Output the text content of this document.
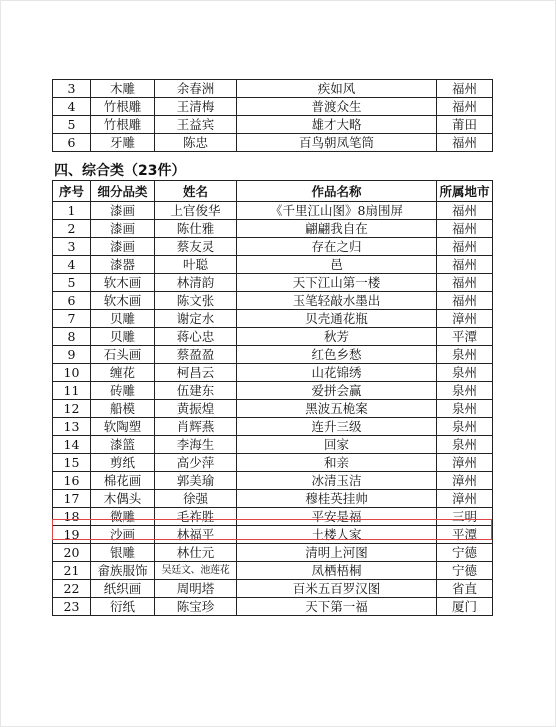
3	木雕	余春洲	疾如风	福州
4	竹根雕	王清梅	普渡众生	福州
5	竹根雕	王益宾	雄才大略	莆田
6	牙雕	陈忠	百鸟朝凤笔筒	福州
四、综合类（23件）
序号	细分品类	姓名	作品名称	所属地市
1	漆画	上官俊华	《千里江山图》8扇围屏	福州
2	漆画	陈仕雅	翩翩我自在	福州
3	漆画	蔡友灵	存在之归	福州
4	漆器	叶聪	邑	福州
5	软木画	林清韵	天下江山第一楼	福州
6	软木画	陈文张	玉笔轻敲水墨出	福州
7	贝雕	谢定水	贝壳通花瓶	漳州
8	贝雕	蒋心忠	秋芳	平潭
9	石头画	蔡盈盈	红色乡愁	泉州
10	缠花	柯昌云	山花锦绣	泉州
11	砖雕	伍建东	爱拼会赢	泉州
12	船模	黄振煌	黑波五桅案	泉州
13	软陶塑	肖辉燕	连升三级	泉州
14	漆篮	李海生	回家	泉州
15	剪纸	高少萍	和亲	漳州
16	棉花画	郭美瑜	冰清玉洁	漳州
17	木偶头	徐强	穆桂英挂帅	漳州
18	微雕	毛祚胜	平安是福	三明
19	沙画	林福平	土楼人家	平潭
20	银雕	林仕元	清明上河图	宁德
21	畲族服饰	吴廷文、池莲花	凤栖梧桐	宁德
22	纸织画	周明塔	百米五百罗汉图	省直
23	衍纸	陈宝珍	天下第一福	厦门
